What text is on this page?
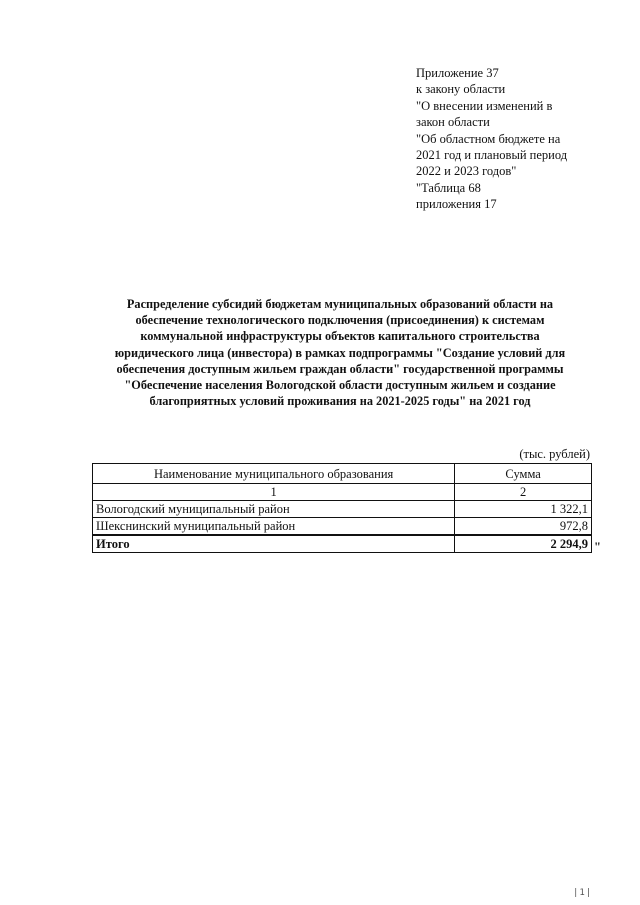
Приложение 37
к закону области
"О внесении изменений в
закон области
"Об областном бюджете на
2021 год и плановый период
2022 и 2023 годов"
"Таблица 68
приложения 17
Распределение субсидий бюджетам муниципальных образований области на
обеспечение технологического подключения (присоединения) к системам
коммунальной инфраструктуры объектов капитального строительства
юридического лица (инвестора) в рамках подпрограммы "Создание условий для
обеспечения доступным жильем граждан области" государственной программы
"Обеспечение населения Вологодской области доступным жильем и создание
благоприятных условий проживания на 2021-2025 годы" на 2021 год
(тыс. рублей)
Наименование муниципального образования	Сумма
1	2
Вологодский муниципальный район	1 322,1
Шекснинский муниципальный район	972,8
Итого	2 294,9 "
|1|
